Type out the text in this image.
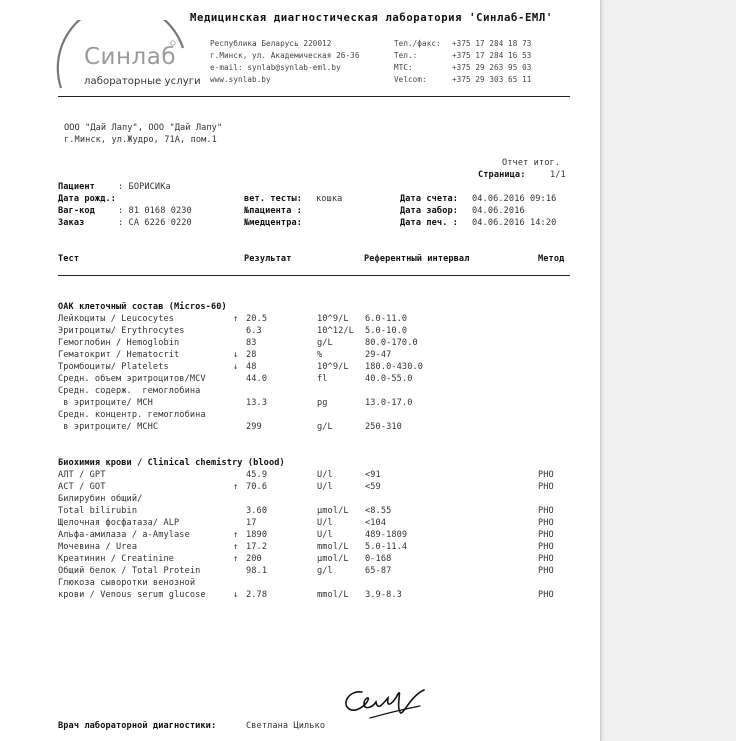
Синлаб
лабораторные услуги
Медицинская диагностическая лаборатория 'Синлаб-ЕМЛ'
Республика Беларусь 220012
г.Минск, ул. Академическая 26-36
e-mail: synlab@synlab-eml.by
www.synlab.by
Тел./факс:
Тел.:
МТС:
Velcom:
+375 17 284 18 73
+375 17 284 16 53
+375 29 263 95 03
+375 29 303 65 11
ООО "Дай Лапу", ООО "Дай Лапу"
г.Минск, ул.Жудро, 71А, пом.1
Отчет итог.
Страница:	1/1
Пациент	: БОРИСИКа
Дата рожд.:	вет. тесты: кошка	Дата счета: 04.06.2016 09:16
Ваг-код	: 81 0168 0230	№пациента :	Дата забор: 04.06.2016
Заказ	: CA 6226 0220	№медцентра:	Дата печ. : 04.06.2016 14:20
Тест	Результат	Референтный интервал	Метод
ОАК клеточный состав (Micros-60)
Лейкоциты / Leucocytes	↑ 20.5	10^9/L 6.0-11.0
Эритроциты/ Erythrocytes	6.3	10^12/L 5.0-10.0
Гемоглобин / Hemoglobin	83	g/L	80.0-170.0
Гематокрит / Hematocrit	↓ 28	%	29-47
Тромбоциты/ Platelets	↓ 48	10^9/L 180.0-430.0
Средн. объем эритроцитов/MCV	44.0	fl	40.0-55.0
Средн. содерж.  гемоглобина
в эритроците/ MCH	13.3	pg	13.0-17.0
Средн. концентр. гемоглобина
в эритроците/ MCHC	299	g/L	250-310
Биохимия крови / Clinical chemistry (blood)
АЛТ / GPT	45.9	U/l	<91	PHO
АСТ / GOT	↑ 70.6	U/l	<59	PHO
Билирубин общий/
Total bilirubin	3.60	µmol/L <8.55	PHO
Щелочная фосфатаза/ ALP	17	U/l	<104	PHO
Альфа-амилаза / a-Amylase	↑ 1890	U/l	489-1809	PHO
Мочевина / Urea	↑ 17.2	mmol/L 5.0-11.4	PHO
Креатинин / Creatinine	↑ 200	µmol/L 0-168	PHO
Общий белок / Total Protein	98.1	g/l	65-87	PHO
Глюкоза сыворотки венозной
крови / Venous serum glucose	↓ 2.78	mmol/L 3.9-8.3	PHO
Врач лабораторной диагностики:	Светлана Цилько
